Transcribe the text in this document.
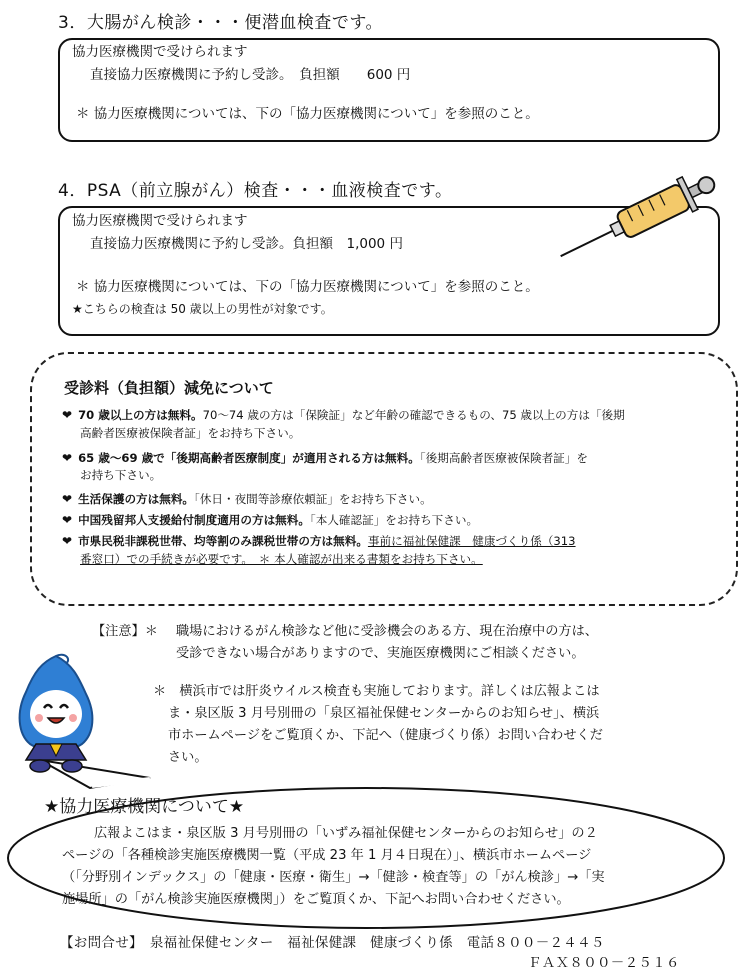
3．大腸がん検診・・・便潜血検査です。
協力医療機関で受けられます
直接協力医療機関に予約し受診。　負担額　　600 円
＊ 協力医療機関については、下の「協力医療機関について」を参照のこと。
4．PSA（前立腺がん）検査・・・血液検査です。
協力医療機関で受けられます
直接協力医療機関に予約し受診。負担額　1,000 円
＊ 協力医療機関については、下の「協力医療機関について」を参照のこと。
★こちらの検査は 50 歳以上の男性が対象です。
受診料（負担額）減免について
❤ 70 歳以上の方は無料。70～74 歳の方は「保険証」など年齢の確認できるもの、75 歳以上の方は「後期
高齢者医療被保険者証」をお持ち下さい。
❤ 65 歳～69 歳で「後期高齢者医療制度」が適用される方は無料。「後期高齢者医療被保険者証」を
お持ち下さい。
❤ 生活保護の方は無料。「休日・夜間等診療依頼証」をお持ち下さい。
❤ 中国残留邦人支援給付制度適用の方は無料。「本人確認証」をお持ち下さい。
❤ 市県民税非課税世帯、均等割のみ課税世帯の方は無料。事前に福祉保健課　健康づくり係（313
番窓口）での手続きが必要です。　＊ 本人確認が出来る書類をお持ち下さい。
【注意】＊ 職場におけるがん検診など他に受診機会のある方、現在治療中の方は、
受診できない場合がありますので、実施医療機関にご相談ください。
＊　横浜市では肝炎ウイルス検査も実施しております。詳しくは広報よこは
ま・泉区版 3 月号別冊の「泉区福祉保健センターからのお知らせ」、横浜
市ホームページをご覧頂くか、下記へ（健康づくり係）お問い合わせくだ
さい。
★協力医療機関について★
広報よこはま・泉区版 3 月号別冊の「いずみ福祉保健センターからのお知らせ」の２
ページの「各種検診実施医療機関一覧（平成 23 年 1 月４日現在）」、横浜市ホームページ
（「分野別インデックス」の「健康・医療・衛生」→「健診・検査等」の「がん検診」→「実
施場所」の「がん検診実施医療機関」）をご覧頂くか、下記へお問い合わせください。
【お問合せ】　泉福祉保健センター　福祉保健課　健康づくり係　電話８００－２４４５
ＦＡＸ８００－２５１６
